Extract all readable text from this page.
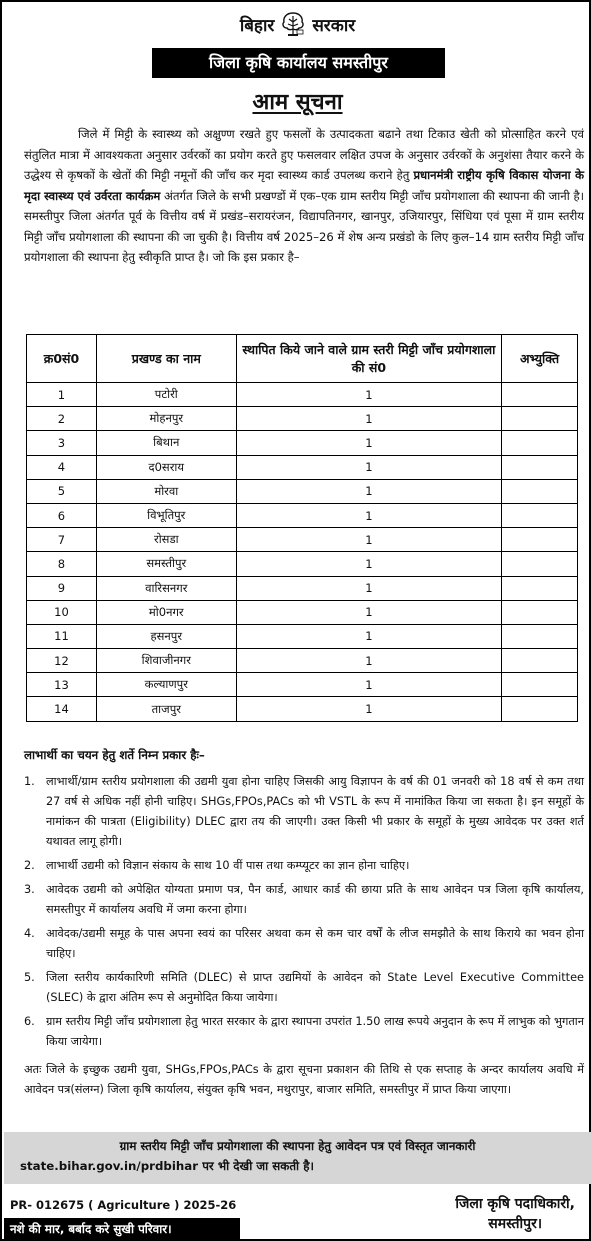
बिहार सरकार
जिला कृषि कार्यालय समस्तीपुर
आम सूचना

जिले में मिट्टी के स्वास्थ्य को अक्षुण्ण रखते हुए फसलों के उत्पादकता बढाने तथा टिकाउ खेती को प्रोत्साहित करने एवं संतुलित मात्रा में आवश्यकता अनुसार उर्वरकों का प्रयोग करते हुए फसलवार लक्षित उपज के अनुसार उर्वरकों के अनुशंसा तैयार करने के उद्धेश्य से कृषकों के खेतों की मिट्टी नमूनों की जाँच कर मृदा स्वास्थ्य कार्ड उपलब्ध कराने हेतु प्रधानमंत्री राष्ट्रीय कृषि विकास योजना के मृदा स्वास्थ्य एवं उर्वरता कार्यक्रम अंतर्गत जिले के सभी प्रखण्डों में एक–एक ग्राम स्तरीय मिट्टी जाँच प्रयोगशाला की स्थापना की जानी है। समस्तीपुर जिला अंतर्गत पूर्व के वित्तीय वर्ष में प्रखंड–सरायरंजन, विद्यापतिनगर, खानपुर, उजियारपुर, सिंधिया एवं पूसा में ग्राम स्तरीय मिट्टी जाँच प्रयोगशाला की स्थापना की जा चुकी है। वित्तीय वर्ष 2025–26 में शेष अन्य प्रखंडो के लिए कुल–14 ग्राम स्तरीय मिट्टी जाँच प्रयोगशाला की स्थापना हेतु स्वीकृति प्राप्त है। जो कि इस प्रकार है–

क्र0सं0	प्रखण्ड का नाम	स्थापित किये जाने वाले ग्राम स्तरी मिट्टी जाँच प्रयोगशाला की सं0	अभ्युक्ति
1	पटोरी	1	
2	मोहनपुर	1	
3	बिथान	1	
4	द0सराय	1	
5	मोरवा	1	
6	विभूतिपुर	1	
7	रोसडा	1	
8	समस्तीपुर	1	
9	वारिसनगर	1	
10	मो0नगर	1	
11	हसनपुर	1	
12	शिवाजीनगर	1	
13	कल्याणपुर	1	
14	ताजपुर	1	
लाभार्थी का चयन हेतु शर्ते निम्न प्रकार हैः–
1. लाभार्थी/ग्राम स्तरीय प्रयोगशाला की उद्यमी युवा होना चाहिए जिसकी आयु विज्ञापन के वर्ष की 01 जनवरी को 18 वर्ष से कम तथा 27 वर्ष से अधिक नहीं होनी चाहिए। SHGs,FPOs,PACs को भी VSTL के रूप में नामांकित किया जा सकता है। इन समूहों के नामांकन की पात्रता (Eligibility) DLEC द्वारा तय की जाएगी। उक्त किसी भी प्रकार के समूहों के मुख्य आवेदक पर उक्त शर्त यथावत लागू होगी।
2. लाभार्थी उद्यमी को विज्ञान संकाय के साथ 10 वीं पास तथा कम्प्यूटर का ज्ञान होना चाहिए।
3. आवेदक उद्यमी को अपेक्षित योग्यता प्रमाण पत्र, पैन कार्ड, आधार कार्ड की छाया प्रति के साथ आवेदन पत्र जिला कृषि कार्यालय, समस्तीपुर में कार्यालय अवधि में जमा करना होगा।
4. आवेदक/उद्यमी समूह के पास अपना स्वयं का परिसर अथवा कम से कम चार वर्षों के लीज समझौते के साथ किराये का भवन होना चाहिए।
5. जिला स्तरीय कार्यकारिणी समिति (DLEC) से प्राप्त उद्यमियों के आवेदन को State Level Executive Committee (SLEC) के द्वारा अंतिम रूप से अनुमोदित किया जायेगा।
6. ग्राम स्तरीय मिट्टी जाँच प्रयोगशाला हेतु भारत सरकार के द्वारा स्थापना उपरांत 1.50 लाख रूपये अनुदान के रूप में लाभुक को भुगतान किया जायेगा।

अतः जिले के इच्छुक उद्यमी युवा, SHGs,FPOs,PACs के द्वारा सूचना प्रकाशन की तिथि से एक सप्ताह के अन्दर कार्यालय अवधि में आवेदन पत्र(संलग्न) जिला कृषि कार्यालय, संयुक्त कृषि भवन, मथुरापुर, बाजार समिति, समस्तीपुर में प्राप्त किया जाएगा।

ग्राम स्तरीय मिट्टी जाँच प्रयोगशाला की स्थापना हेतु आवेदन पत्र एवं विस्तृत जानकारी
state.bihar.gov.in/prdbihar पर भी देखी जा सकती है।
PR- 012675 ( Agriculture ) 2025-26
नशे की मार, बर्बाद करे सुखी परिवार।
जिला कृषि पदाधिकारी,
समस्तीपुर।
